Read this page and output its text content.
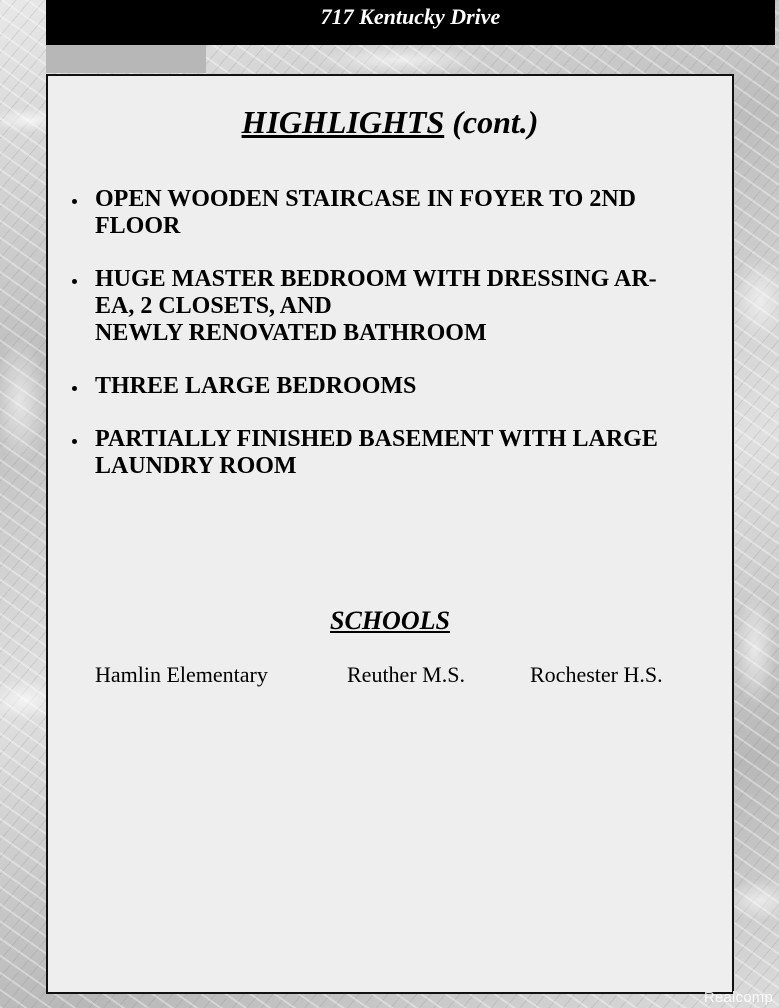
717 Kentucky Drive
HIGHLIGHTS (cont.)
OPEN WOODEN STAIRCASE IN FOYER TO 2ND
FLOOR
HUGE MASTER BEDROOM WITH DRESSING AR-
EA, 2 CLOSETS, AND
NEWLY RENOVATED BATHROOM
THREE LARGE BEDROOMS
PARTIALLY FINISHED BASEMENT WITH LARGE
LAUNDRY ROOM
SCHOOLS
Hamlin Elementary	Reuther M.S.	Rochester H.S.
Realcomp
